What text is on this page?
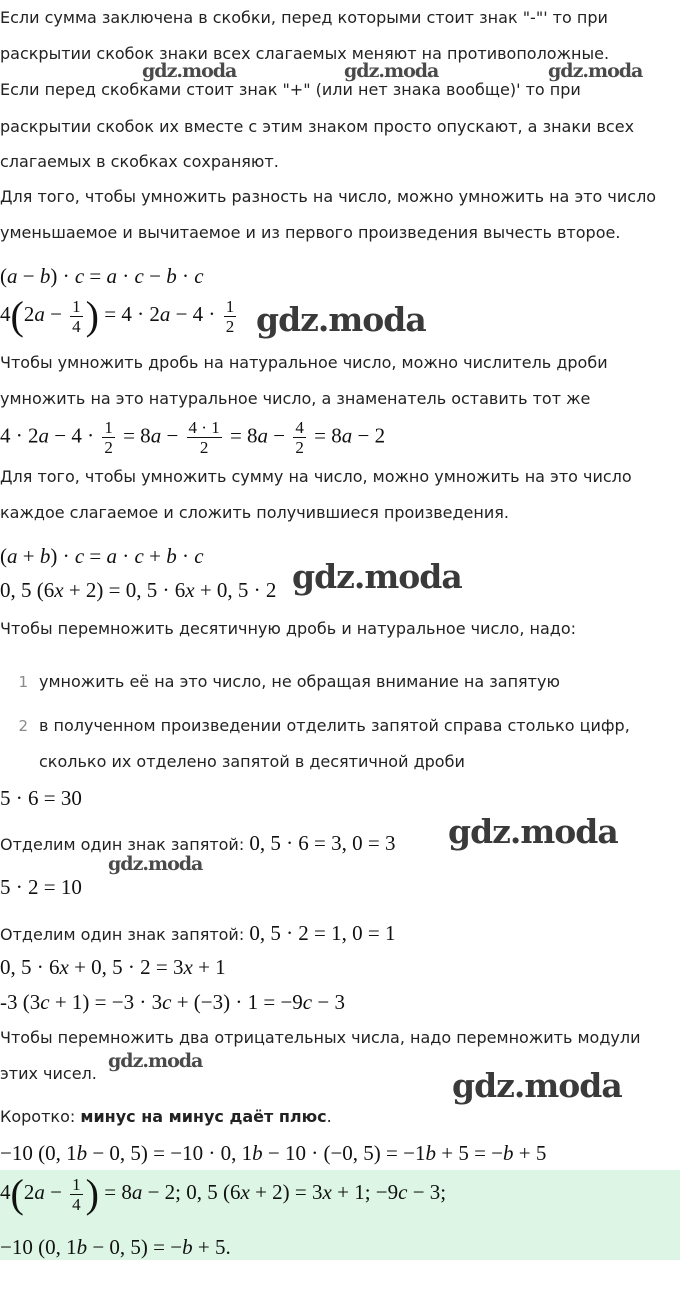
Если сумма заключена в скобки, перед которыми стоит знак "-"' то при
раскрытии скобок знаки всех слагаемых меняют на противоположные.
gdz.moda	gdz.moda	gdz.moda
Если перед скобками стоит знак "+" (или нет знака вообще)' то при
раскрытии скобок их вместе с этим знаком просто опускают, а знаки всех
слагаемых в скобках сохраняют.
Для того, чтобы умножить разность на число, можно умножить на это число
уменьшаемое и вычитаемое и из первого произведения вычесть второе.
(a − b) · c = a · c − b · c
$4(2a - \frac{1}{4}$ ) = $4 \cdot 2a - 4 \cdot \frac{1}{2}$ gdz.moda
Чтобы умножить дробь на натуральное число, можно числитель дроби
умножить на это натуральное число, а знаменатель оставить тот же
$4 \cdot 2a - 4 \cdot \frac{1}{2} = 8a - \frac{4 \cdot 1}{2} = 8a - \frac{4}{2} = 8a - 2$
Для того, чтобы умножить сумму на число, можно умножить на это число
каждое слагаемое и сложить получившиеся произведения.
(a + b) · c = a · c + b · c
0, 5 (6x + 2) = 0, 5 · 6x + 0, 5 · 2 gdz.moda
Чтобы перемножить десятичную дробь и натуральное число, надо:
1 умножить её на это число, не обращая внимание на запятую
2 в полученном произведении отделить запятой справа столько цифр,
сколько их отделено запятой в десятичной дроби
5 · 6 = 30
Отделим один знак запятой: 0, 5 · 6 = 3, 0 = 3 gdz.moda
gdz.moda
5 · 2 = 10
Отделим один знак запятой: 0, 5 · 2 = 1, 0 = 1
0, 5 · 6x + 0, 5 · 2 = 3x + 1
-3 (3c + 1) = −3 · 3c + (−3) · 1 = −9c − 3
Чтобы перемножить два отрицательных числа, надо перемножить модули
этих чисел.
gdz.moda
gdz.moda
Коротко: минус на минус даёт плюс.
−10 (0, 1b − 0, 5) = −10 · 0, 1b − 10 · (−0, 5) = −1b + 5 = −b + 5
$4(2a - \frac{1}{4}$ ) = 8a − 2; 0, 5 (6x + 2) = 3x + 1; −9c − 3;
−10 (0, 1b − 0, 5) = −b + 5.
